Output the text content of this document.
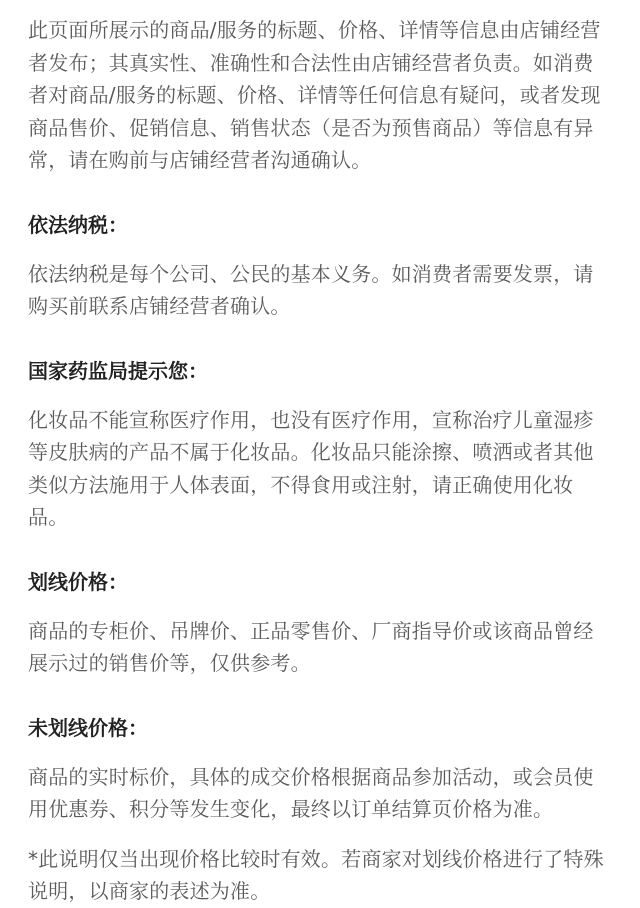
此页面所展示的商品/服务的标题、价格、详情等信息由店铺经营者发布；其真实性、准确性和合法性由店铺经营者负责。如消费者对商品/服务的标题、价格、详情等任何信息有疑问，或者发现商品售价、促销信息、销售状态（是否为预售商品）等信息有异常，请在购前与店铺经营者沟通确认。

依法纳税：

依法纳税是每个公司、公民的基本义务。如消费者需要发票，请购买前联系店铺经营者确认。

国家药监局提示您：

化妆品不能宣称医疗作用，也没有医疗作用，宣称治疗儿童湿疹等皮肤病的产品不属于化妆品。化妆品只能涂擦、喷洒或者其他类似方法施用于人体表面，不得食用或注射，请正确使用化妆品。

划线价格：

商品的专柜价、吊牌价、正品零售价、厂商指导价或该商品曾经展示过的销售价等，仅供参考。

未划线价格：

商品的实时标价，具体的成交价格根据商品参加活动，或会员使用优惠券、积分等发生变化，最终以订单结算页价格为准。

*此说明仅当出现价格比较时有效。若商家对划线价格进行了特殊说明，以商家的表述为准。
